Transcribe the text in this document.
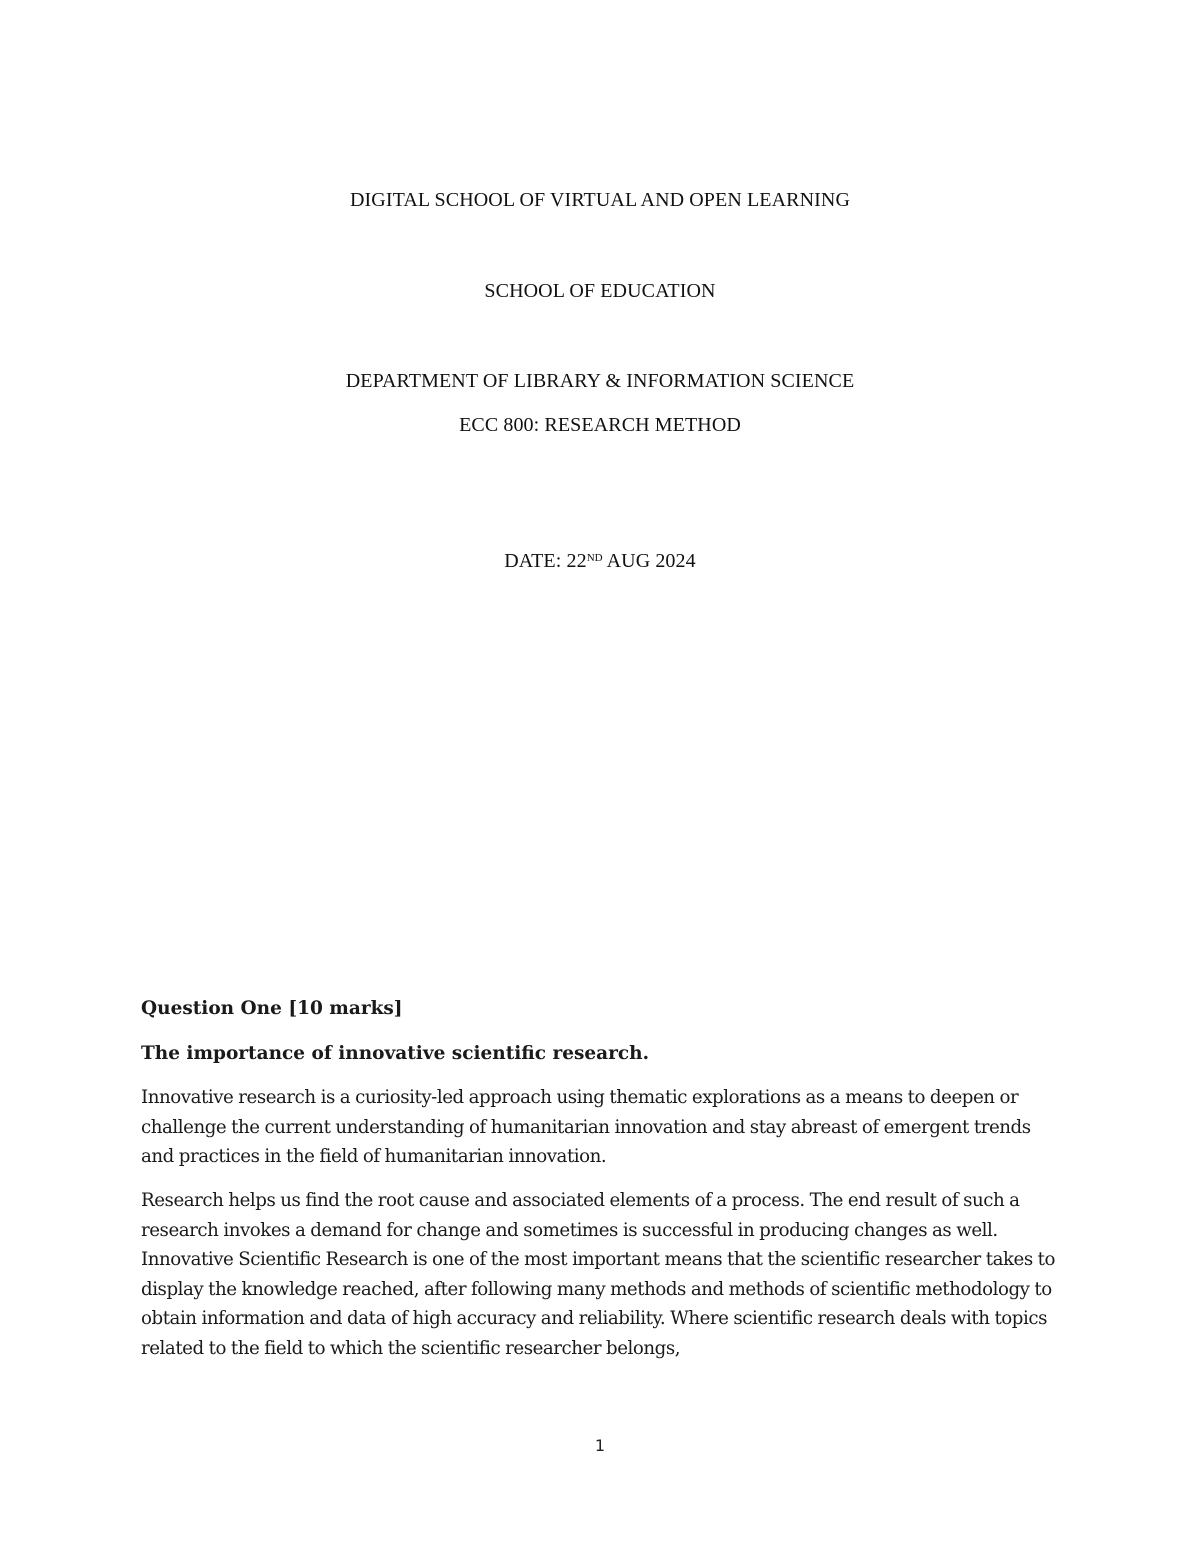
DIGITAL SCHOOL OF VIRTUAL AND OPEN LEARNING
SCHOOL OF EDUCATION
DEPARTMENT OF LIBRARY & INFORMATION SCIENCE
ECC 800: RESEARCH METHOD
DATE: 22ND AUG 2024

Question One [10 marks]

The importance of innovative scientific research.

Innovative research is a curiosity-led approach using thematic explorations as a means to deepen or challenge the current understanding of humanitarian innovation and stay abreast of emergent trends and practices in the field of humanitarian innovation.

Research helps us find the root cause and associated elements of a process. The end result of such a research invokes a demand for change and sometimes is successful in producing changes as well. Innovative Scientific Research is one of the most important means that the scientific researcher takes to display the knowledge reached, after following many methods and methods of scientific methodology to obtain information and data of high accuracy and reliability. Where scientific research deals with topics related to the field to which the scientific researcher belongs,

1
